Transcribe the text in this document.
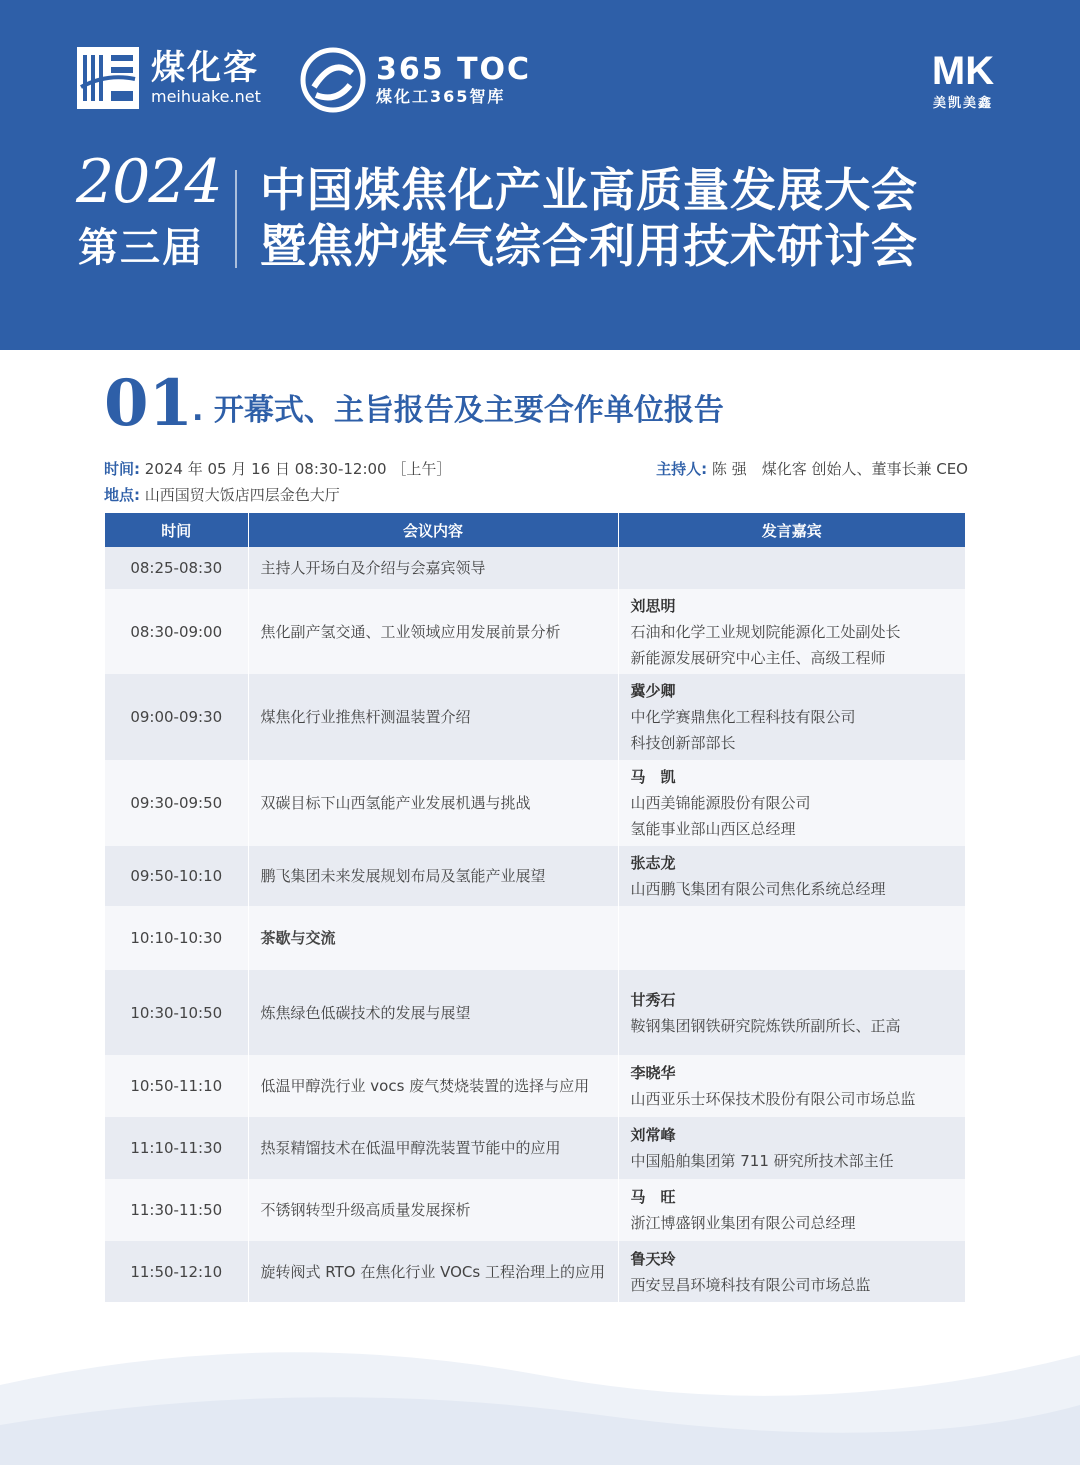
煤化客
meihuake.net
365 TOC
煤化工365智库
MK
美凯美鑫
2024
第三届
中国煤焦化产业高质量发展大会
暨焦炉煤气综合利用技术研讨会
01
. 开幕式、主旨报告及主要合作单位报告
时间: 2024 年 05 月 16 日 08:30-12:00 ［上午］
地点: 山西国贸大饭店四层金色大厅
主持人: 陈 强　煤化客 创始人、董事长兼 CEO
时间	会议内容	发言嘉宾
08:25-08:30	主持人开场白及介绍与会嘉宾领导	
08:30-09:00	焦化副产氢交通、工业领域应用发展前景分析	刘思明
石油和化学工业规划院能源化工处副处长
新能源发展研究中心主任、高级工程师

09:00-09:30	煤焦化行业推焦杆测温装置介绍	冀少卿
中化学赛鼎焦化工程科技有限公司
科技创新部部长

09:30-09:50	双碳目标下山西氢能产业发展机遇与挑战	马　凯
山西美锦能源股份有限公司
氢能事业部山西区总经理

09:50-10:10	鹏飞集团未来发展规划布局及氢能产业展望	张志龙
山西鹏飞集团有限公司焦化系统总经理

10:10-10:30	茶歇与交流	
10:30-10:50	炼焦绿色低碳技术的发展与展望	甘秀石
鞍钢集团钢铁研究院炼铁所副所长、正高

10:50-11:10	低温甲醇洗行业 vocs 废气焚烧装置的选择与应用	李晓华
山西亚乐士环保技术股份有限公司市场总监

11:10-11:30	热泵精馏技术在低温甲醇洗装置节能中的应用	刘常峰
中国船舶集团第 711 研究所技术部主任

11:30-11:50	不锈钢转型升级高质量发展探析	马　旺
浙江博盛钢业集团有限公司总经理

11:50-12:10	旋转阀式 RTO 在焦化行业 VOCs 工程治理上的应用	鲁天玲
西安昱昌环境科技有限公司市场总监
